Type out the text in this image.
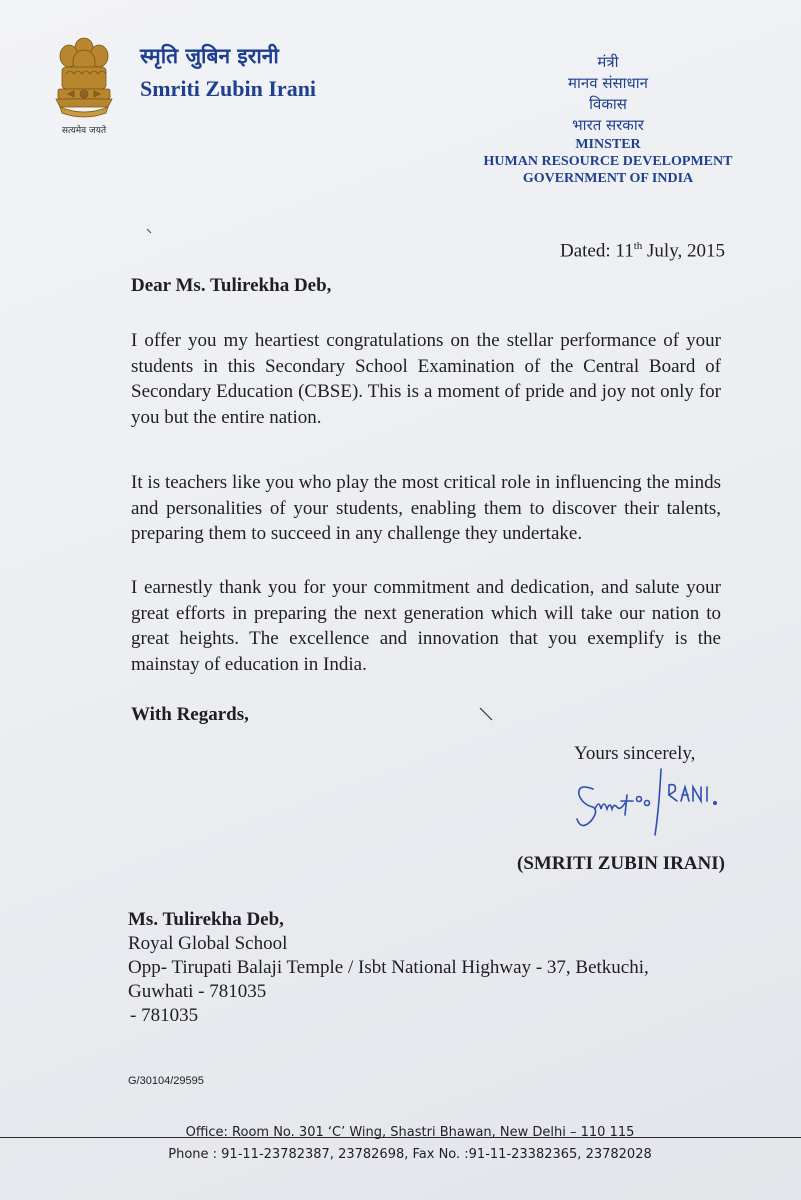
सत्यमेव जयते
स्मृति जुबिन इरानी
Smriti Zubin Irani
मंत्री
मानव संसाधान
विकास
भारत सरकार
MINSTER
HUMAN RESOURCE DEVELOPMENT
GOVERNMENT OF INDIA
Dated: 11th July, 2015
Dear Ms. Tulirekha Deb,

I offer you my heartiest congratulations on the stellar performance of your students in this Secondary School Examination of the Central Board of Secondary Education (CBSE). This is a moment of pride and joy not only for you but the entire nation.

It is teachers like you who play the most critical role in influencing the minds and personalities of your students, enabling them to discover their talents, preparing them to succeed in any challenge they undertake.

I earnestly thank you for your commitment and dedication, and salute your great efforts in preparing the next generation which will take our nation to great heights. The excellence and innovation that you exemplify is the mainstay of education in India.

With Regards,
Yours sincerely,
(SMRITI ZUBIN IRANI)
Ms. Tulirekha Deb,
Royal Global School
Opp- Tirupati Balaji Temple / Isbt National Highway - 37, Betkuchi,
Guwhati - 781035
- 781035
G/30104/29595
Office: Room No. 301 ‘C’ Wing, Shastri Bhawan, New Delhi – 110 115
Phone : 91-11-23782387, 23782698, Fax No. :91-11-23382365, 23782028
